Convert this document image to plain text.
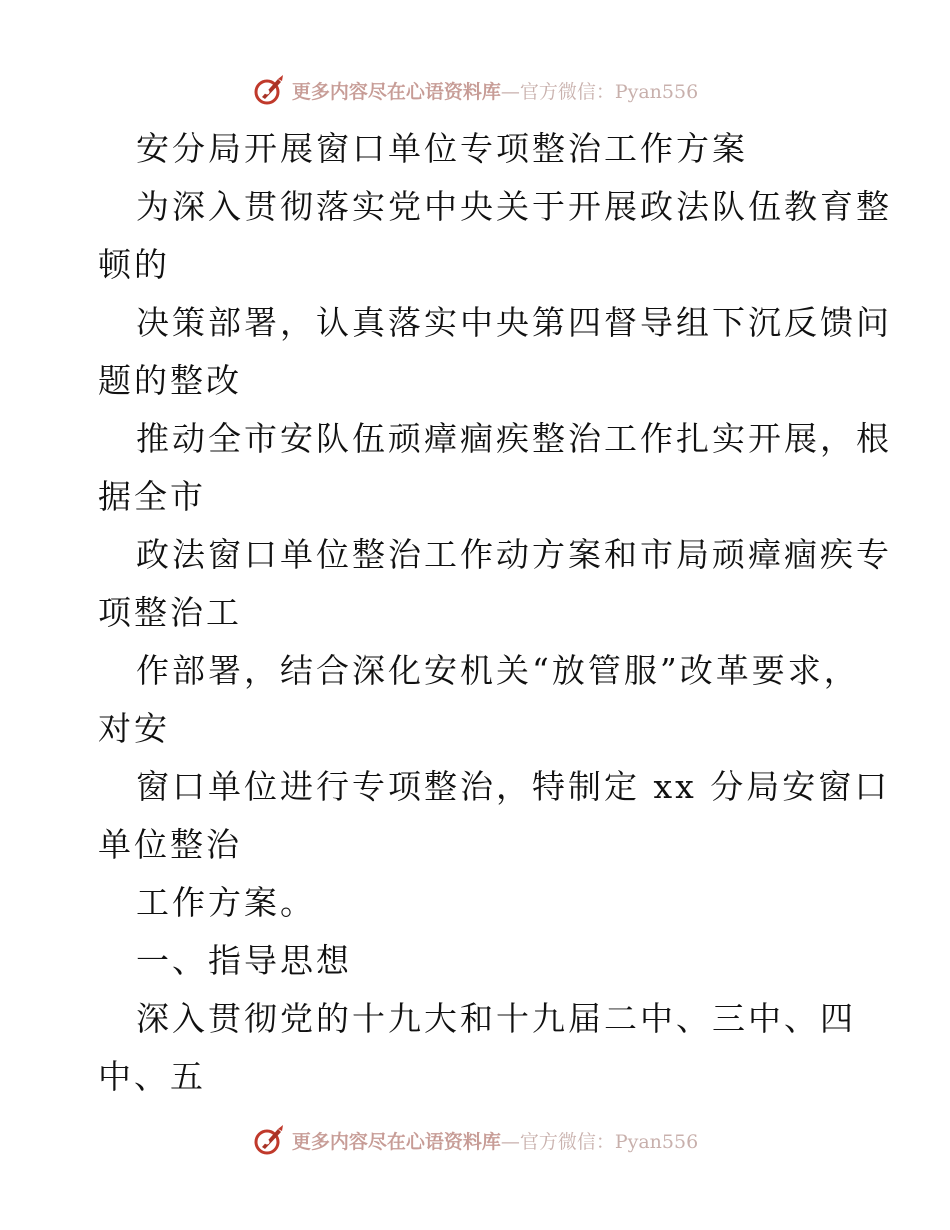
更多内容尽在心语资料库—官方微信：Pyan556
安分局开展窗口单位专项整治工作方案
为深入贯彻落实党中央关于开展政法队伍教育整
顿的
决策部署，认真落实中央第四督导组下沉反馈问
题的整改
推动全市安队伍顽瘴痼疾整治工作扎实开展，根
据全市
政法窗口单位整治工作动方案和市局顽瘴痼疾专
项整治工
作部署，结合深化安机关“放管服”改革要求，
对安
窗口单位进行专项整治，特制定 xx 分局安窗口
单位整治
工作方案。
一、指导思想
深入贯彻党的十九大和十九届二中、三中、四
中、五
更多内容尽在心语资料库—官方微信：Pyan556
